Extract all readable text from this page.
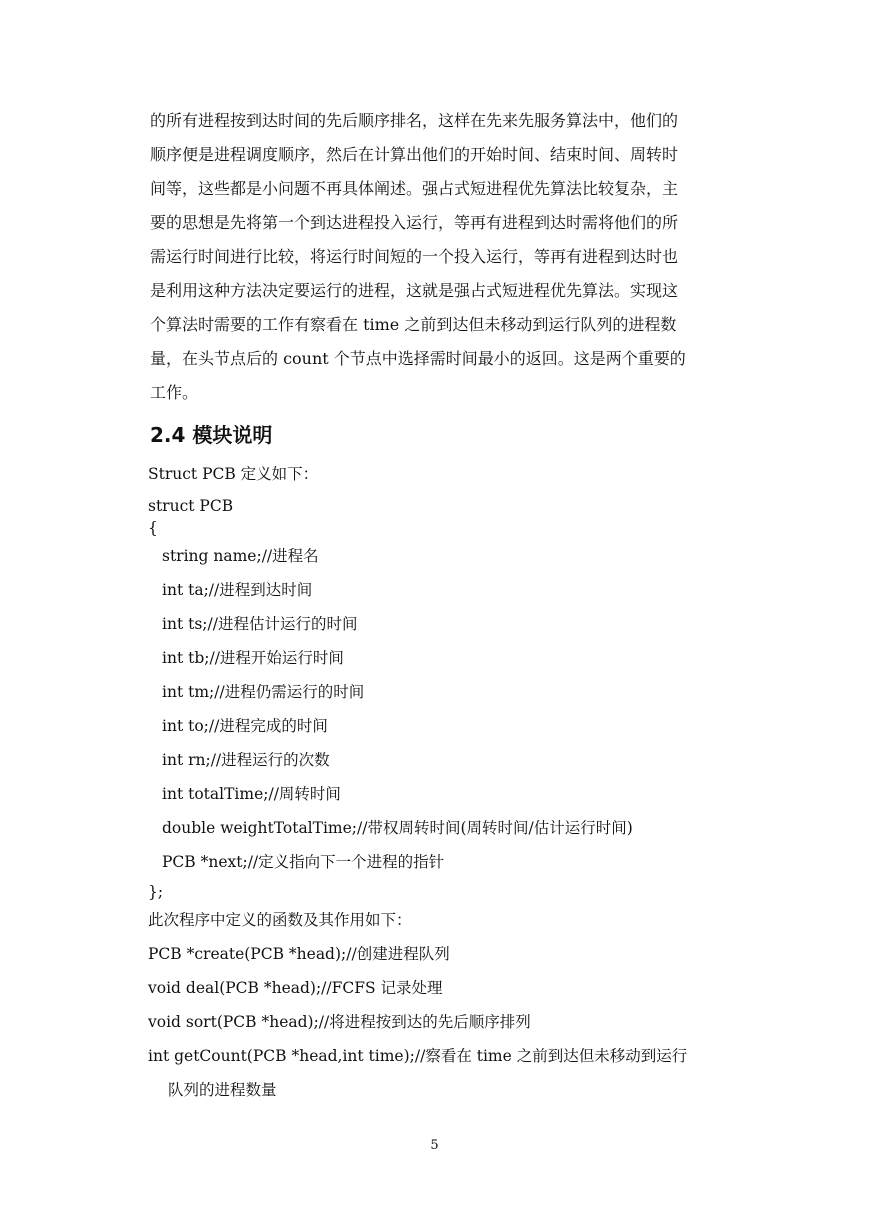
的所有进程按到达时间的先后顺序排名，这样在先来先服务算法中，他们的
顺序便是进程调度顺序，然后在计算出他们的开始时间、结束时间、周转时
间等，这些都是小问题不再具体阐述。强占式短进程优先算法比较复杂，主
要的思想是先将第一个到达进程投入运行，等再有进程到达时需将他们的所
需运行时间进行比较，将运行时间短的一个投入运行，等再有进程到达时也
是利用这种方法决定要运行的进程，这就是强占式短进程优先算法。实现这
个算法时需要的工作有察看在 time 之前到达但未移动到运行队列的进程数
量，在头节点后的 count 个节点中选择需时间最小的返回。这是两个重要的
工作。

2.4 模块说明
Struct PCB 定义如下：
struct PCB
{
string name;//进程名
int ta;//进程到达时间
int ts;//进程估计运行的时间
int tb;//进程开始运行时间
int tm;//进程仍需运行的时间
int to;//进程完成的时间
int rn;//进程运行的次数
int totalTime;//周转时间
double weightTotalTime;//带权周转时间(周转时间/估计运行时间)
PCB *next;//定义指向下一个进程的指针
};
此次程序中定义的函数及其作用如下：
PCB *create(PCB *head);//创建进程队列
void deal(PCB *head);//FCFS 记录处理
void sort(PCB *head);//将进程按到达的先后顺序排列
int getCount(PCB *head,int time);//察看在 time 之前到达但未移动到运行
队列的进程数量
5
